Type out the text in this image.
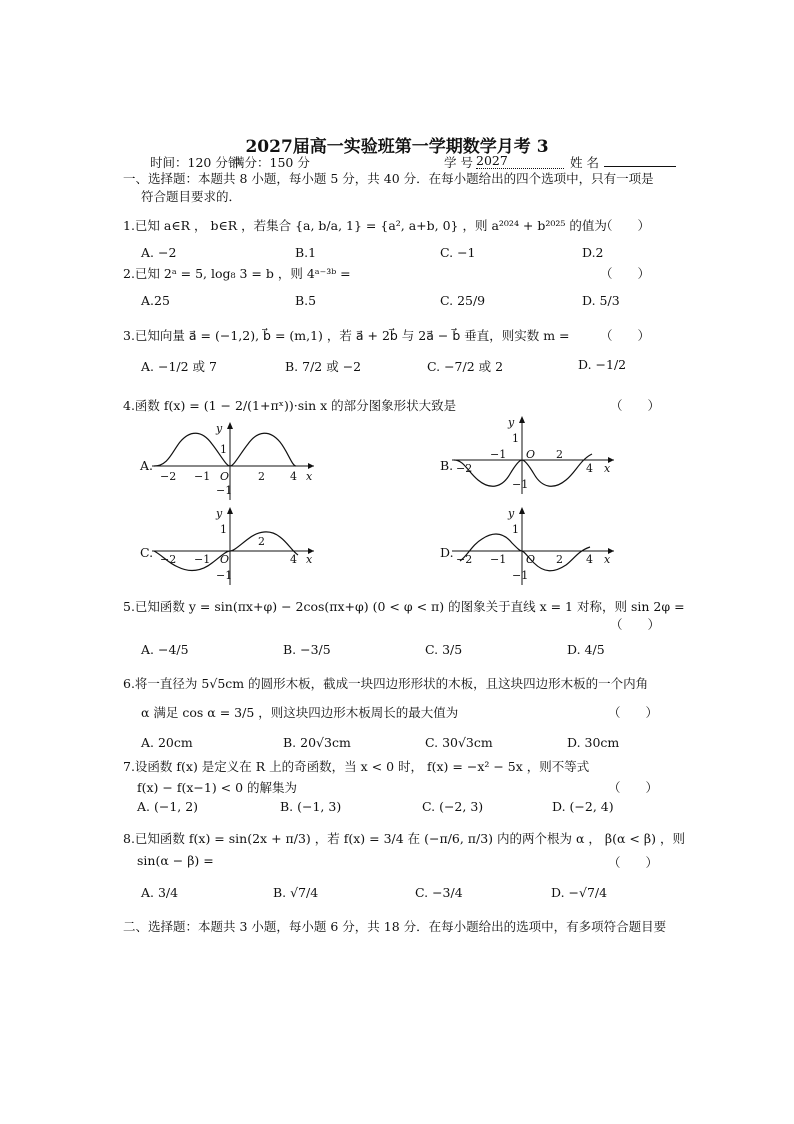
2027届高一实验班第一学期数学月考 3
时间：120 分钟
满分：150 分	学 号 2027	姓 名
一、选择题：本题共 8 小题，每小题 5 分，共 40 分．在每小题给出的四个选项中，只有一项是
符合题目要求的．
1.已知 a∈R ， b∈R ，若集合 {a, b/a, 1} = {a², a+b, 0} ，则 a²⁰²⁴ + b²⁰²⁵ 的值为
（　　）
A. −2	B.1	C. −1	D.2
2.已知 2ᵃ = 5, log₈ 3 = b ，则 4ᵃ⁻³ᵇ =	（　　）
A.25	B.5	C. 25/9	D. 5/3
3.已知向量 a⃗ = (−1,2), b⃗ = (m,1) ，若 a⃗ + 2b⃗ 与 2a⃗ − b⃗ 垂直，则实数 m = （　　）
A. −1/2 或 7	B. 7/2 或 −2	C. −7/2 或 2	D. −1/2
4.函数 f(x) = (1 − 2/(1+πˣ))·sin x 的部分图象形状大致是	（　　）
A.	B.
C.	D.
y
1
−1
O
−2 −1	2 4 x
y
1
−1
O
−2
−1	2
4 x
y
1
−1
O
−2 −1
2
4 x
y
1
−1
O
−2 −1	2 4 x
5.已知函数 y = sin(πx+φ) − 2cos(πx+φ) (0 < φ < π) 的图象关于直线 x = 1 对称，则 sin 2φ =
（　　）
A. −4/5	B. −3/5	C. 3/5	D. 4/5
6.将一直径为 5√5cm 的圆形木板，截成一块四边形形状的木板，且这块四边形木板的一个内角
α 满足 cos α = 3/5 ，则这块四边形木板周长的最大值为	（　　）
A. 20cm	B. 20√3cm	C. 30√3cm	D. 30cm
7.设函数 f(x) 是定义在 R 上的奇函数，当 x < 0 时， f(x) = −x² − 5x ，则不等式
f(x) − f(x−1) < 0 的解集为	（　　）
A. (−1, 2)	B. (−1, 3)	C. (−2, 3)	D. (−2, 4)
8.已知函数 f(x) = sin(2x + π/3) ，若 f(x) = 3/4 在 (−π/6, π/3) 内的两个根为 α ， β(α < β) ，则
sin(α − β) =	（　　）
A. 3/4	B. √7/4	C. −3/4	D. −√7/4
二、选择题：本题共 3 小题，每小题 6 分，共 18 分．在每小题给出的选项中，有多项符合题目要
